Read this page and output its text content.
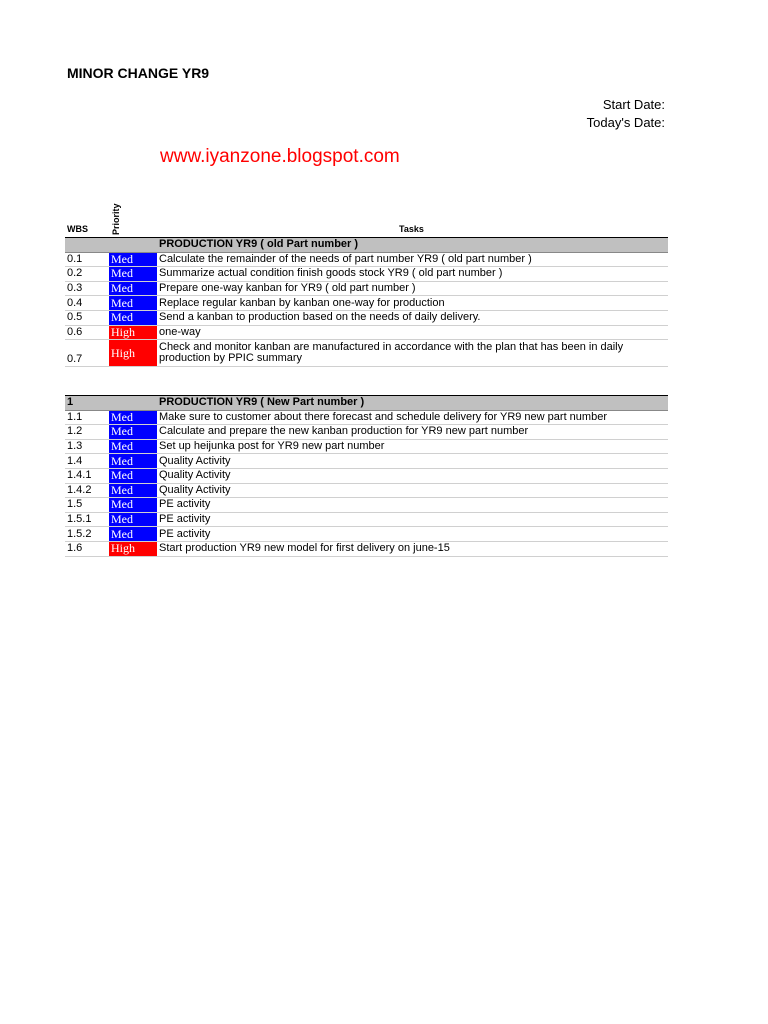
MINOR CHANGE YR9
Start Date:
Today's Date:
www.iyanzone.blogspot.com
WBS	Priority	Tasks
		PRODUCTION YR9 ( old Part number )
0.1	Med	Calculate the remainder of the needs of part number YR9 ( old part number )
0.2	Med	Summarize actual condition finish goods stock YR9 ( old part number )
0.3	Med	Prepare one-way kanban for YR9 ( old part number )
0.4	Med	Replace regular kanban by kanban one-way for production
0.5	Med	Send a kanban to production based on the needs of daily delivery.
0.6	High	one-way
0.7	High	Check and monitor kanban are manufactured in accordance with the plan that has been in daily production by PPIC summary
1		PRODUCTION YR9 ( New Part number )
1.1	Med	Make sure to customer about there forecast and schedule delivery for YR9 new part number
1.2	Med	Calculate and prepare the new kanban production for YR9 new part number
1.3	Med	Set up heijunka post for YR9 new part number
1.4	Med	Quality Activity
1.4.1	Med	Quality Activity
1.4.2	Med	Quality Activity
1.5	Med	PE activity
1.5.1	Med	PE activity
1.5.2	Med	PE activity
1.6	High	Start production YR9 new model for first delivery on june-15
